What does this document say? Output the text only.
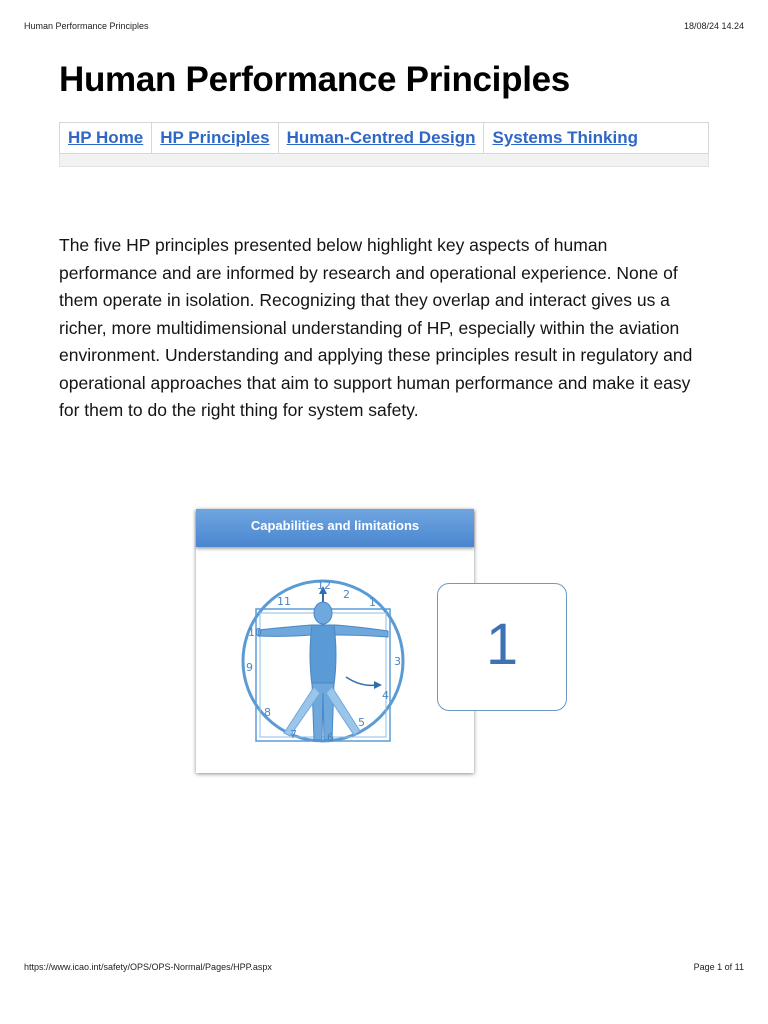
Human Performance Principles	18/08/24 14.24
Human Performance Principles
HP Home HP Principles Human-Centred Design Systems Thinking

The five HP principles presented below highlight key aspects of human performance and are informed by research and operational experience. None of them operate in isolation. Recognizing that they overlap and interact gives us a richer, more multidimensional understanding of HP, especially within the aviation environment. Understanding and applying these principles result in regulatory and operational approaches that aim to support human performance and make it easy for them to do the right thing for system safety.

Capabilities and limitations
12
1
2
3
4
5
6
7
8
9
10
11
1
https://www.icao.int/safety/OPS/OPS-Normal/Pages/HPP.aspx	Page 1 of 11
